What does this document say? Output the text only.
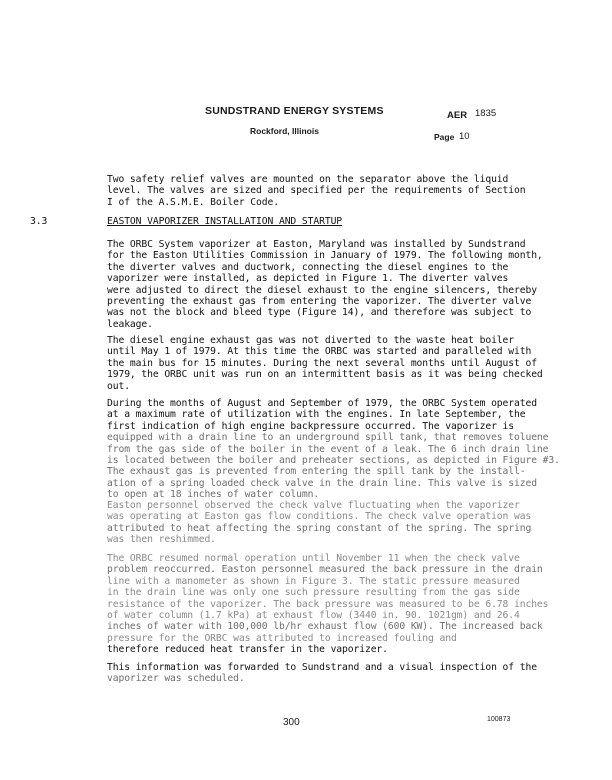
SUNDSTRAND ENERGY SYSTEMS
Rockford, Illinois
AER 1835
Page 10
Two safety relief valves are mounted on the separator above the liquid
level. The valves are sized and specified per the requirements of Section
I of the A.S.M.E. Boiler Code.
3.3	EASTON VAPORIZER INSTALLATION AND STARTUP
The ORBC System vaporizer at Easton, Maryland was installed by Sundstrand
for the Easton Utilities Commission in January of 1979. The following month,
the diverter valves and ductwork, connecting the diesel engines to the
vaporizer were installed, as depicted in Figure 1. The diverter valves
were adjusted to direct the diesel exhaust to the engine silencers, thereby
preventing the exhaust gas from entering the vaporizer. The diverter valve
was not the block and bleed type (Figure 14), and therefore was subject to
leakage.
The diesel engine exhaust gas was not diverted to the waste heat boiler
until May 1 of 1979. At this time the ORBC was started and paralleled with
the main bus for 15 minutes. During the next several months until August of
1979, the ORBC unit was run on an intermittent basis as it was being checked
out.
During the months of August and September of 1979, the ORBC System operated
at a maximum rate of utilization with the engines. In late September, the
first indication of high engine backpressure occurred. The vaporizer is
equipped with a drain line to an underground spill tank, that removes toluene
from the gas side of the boiler in the event of a leak. The 6 inch drain line
is located between the boiler and preheater sections, as depicted in Figure #3.
The exhaust gas is prevented from entering the spill tank by the install-
ation of a spring loaded check valve in the drain line. This valve is sized
to open at 18 inches of water column.
Easton personnel observed the check valve fluctuating when the vaporizer
was operating at Easton gas flow conditions. The check valve operation was
attributed to heat affecting the spring constant of the spring. The spring
was then reshimmed.
The ORBC resumed normal operation until November 11 when the check valve
problem reoccurred. Easton personnel measured the back pressure in the drain
line with a manometer as shown in Figure 3. The static pressure measured
in the drain line was only one such pressure resulting from the gas side
resistance of the vaporizer. The back pressure was measured to be 6.78 inches
of water column (1.7 kPa) at exhaust flow (3440 in. 90. 1021gm) and 26.4
inches of water with 100,000 lb/hr exhaust flow (600 KW). The increased back
pressure for the ORBC was attributed to increased fouling and
therefore reduced heat transfer in the vaporizer.
This information was forwarded to Sundstrand and a visual inspection of the
vaporizer was scheduled.
300	100873
